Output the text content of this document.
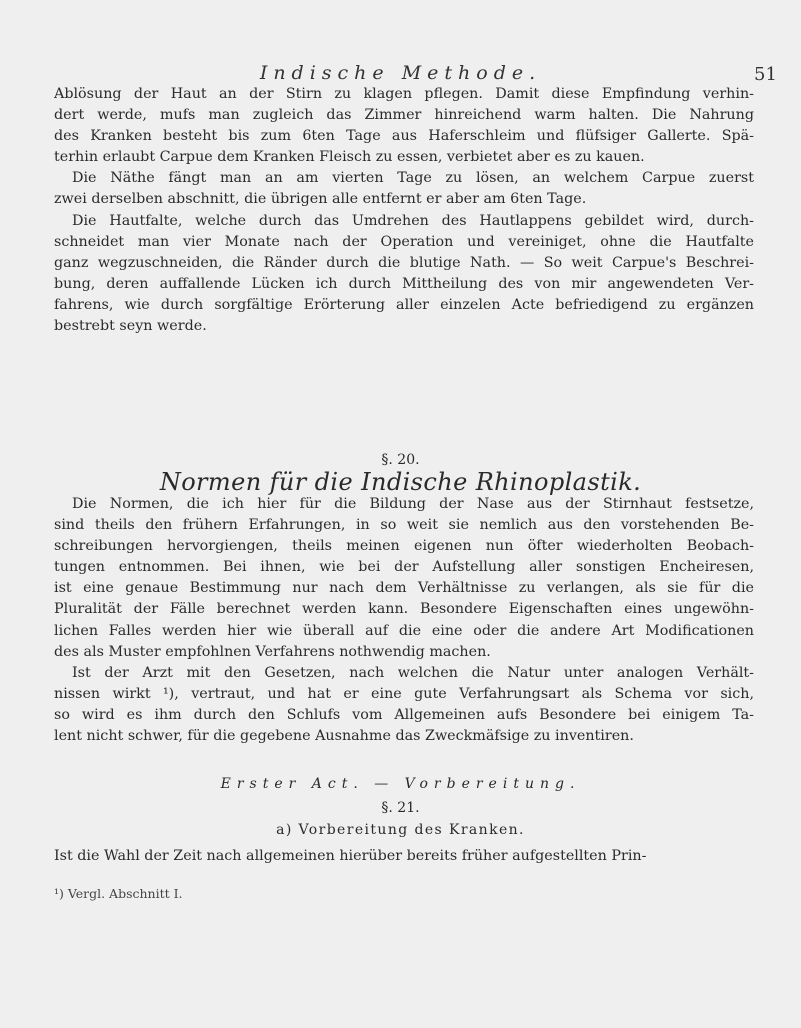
Indische Methode.	51
Ablösung der Haut an der Stirn zu klagen pflegen. Damit diese Empfindung verhin-
dert werde, mufs man zugleich das Zimmer hinreichend warm halten. Die Nahrung
des Kranken besteht bis zum 6ten Tage aus Haferschleim und flüfsiger Gallerte. Spä-
terhin erlaubt Carpue dem Kranken Fleisch zu essen, verbietet aber es zu kauen.
Die Näthe fängt man an am vierten Tage zu lösen, an welchem Carpue zuerst
zwei derselben abschnitt, die übrigen alle entfernt er aber am 6ten Tage.
Die Hautfalte, welche durch das Umdrehen des Hautlappens gebildet wird, durch-
schneidet man vier Monate nach der Operation und vereiniget, ohne die Hautfalte
ganz wegzuschneiden, die Ränder durch die blutige Nath. — So weit Carpue's Beschrei-
bung, deren auffallende Lücken ich durch Mittheilung des von mir angewendeten Ver-
fahrens, wie durch sorgfältige Erörterung aller einzelen Acte befriedigend zu ergänzen
bestrebt seyn werde.
§. 20.
Normen für die Indische Rhinoplastik.
Die Normen, die ich hier für die Bildung der Nase aus der Stirnhaut festsetze,
sind theils den frühern Erfahrungen, in so weit sie nemlich aus den vorstehenden Be-
schreibungen hervorgiengen, theils meinen eigenen nun öfter wiederholten Beobach-
tungen entnommen. Bei ihnen, wie bei der Aufstellung aller sonstigen Encheiresen,
ist eine genaue Bestimmung nur nach dem Verhältnisse zu verlangen, als sie für die
Pluralität der Fälle berechnet werden kann. Besondere Eigenschaften eines ungewöhn-
lichen Falles werden hier wie überall auf die eine oder die andere Art Modificationen
des als Muster empfohlnen Verfahrens nothwendig machen.
Ist der Arzt mit den Gesetzen, nach welchen die Natur unter analogen Verhält-
nissen wirkt ¹), vertraut, und hat er eine gute Verfahrungsart als Schema vor sich,
so wird es ihm durch den Schlufs vom Allgemeinen aufs Besondere bei einigem Ta-
lent nicht schwer, für die gegebene Ausnahme das Zweckmäfsige zu inventiren.
Erster Act. — Vorbereitung.
§. 21.
a) Vorbereitung des Kranken.
Ist die Wahl der Zeit nach allgemeinen hierüber bereits früher aufgestellten Prin-
¹) Vergl. Abschnitt I.
